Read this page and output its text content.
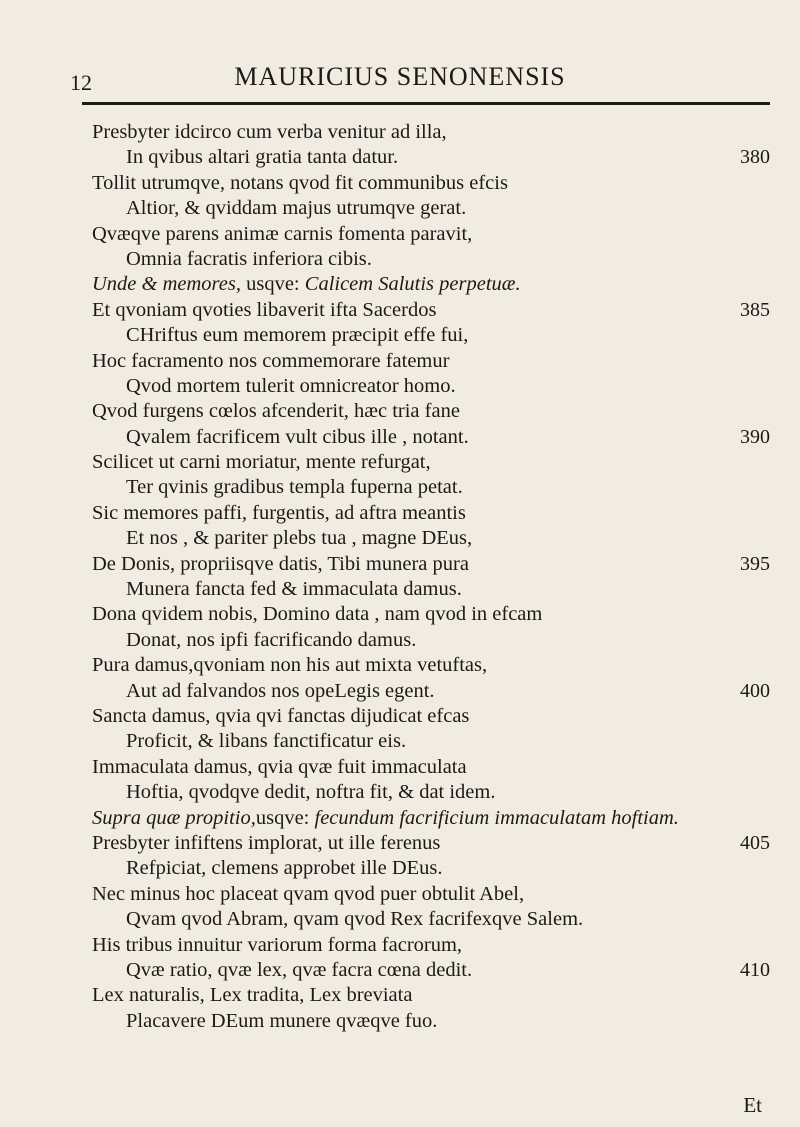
12	MAURICIUS SENONENSIS
Presbyter idcirco cum verba venitur ad illa,
In qvibus altari gratia tanta datur.	380
Tollit utrumqve, notans qvod fit communibus efcis
Altior, & qviddam majus utrumqve gerat.
Qvæqve parens animæ carnis fomenta paravit,
Omnia facratis inferiora cibis.
Unde & memores, usqve: Calicem Salutis perpetuæ.
Et qvoniam qvoties libaverit ifta Sacerdos	385
CHriftus eum memorem præcipit effe fui,
Hoc facramento nos commemorare fatemur
Qvod mortem tulerit omnicreator homo.
Qvod furgens cœlos afcenderit, hæc tria fane
Qvalem facrificem vult cibus ille , notant.	390
Scilicet ut carni moriatur, mente refurgat,
Ter qvinis gradibus templa fuperna petat.
Sic memores paffi, furgentis, ad aftra meantis
Et nos , & pariter plebs tua , magne DEus,
De Donis, propriisqve datis, Tibi munera pura	395
Munera fancta fed & immaculata damus.
Dona qvidem nobis, Domino data , nam qvod in efcam
Donat, nos ipfi facrificando damus.
Pura damus,qvoniam non his aut mixta vetuftas,
Aut ad falvandos nos opeLegis egent.	400
Sancta damus, qvia qvi fanctas dijudicat efcas
Proficit, & libans fanctificatur eis.
Immaculata damus, qvia qvæ fuit immaculata
Hoftia, qvodqve dedit, noftra fit, & dat idem.
Supra quæ propitio,usqve: fecundum facrificium immaculatam hoftiam.
Presbyter infiftens implorat, ut ille ferenus	405
Refpiciat, clemens approbet ille DEus.
Nec minus hoc placeat qvam qvod puer obtulit Abel,
Qvam qvod Abram, qvam qvod Rex facrifexqve Salem.
His tribus innuitur variorum forma facrorum,
Qvæ ratio, qvæ lex, qvæ facra cœna dedit.	410
Lex naturalis, Lex tradita, Lex breviata
Placavere DEum munere qvæqve fuo.
Et
